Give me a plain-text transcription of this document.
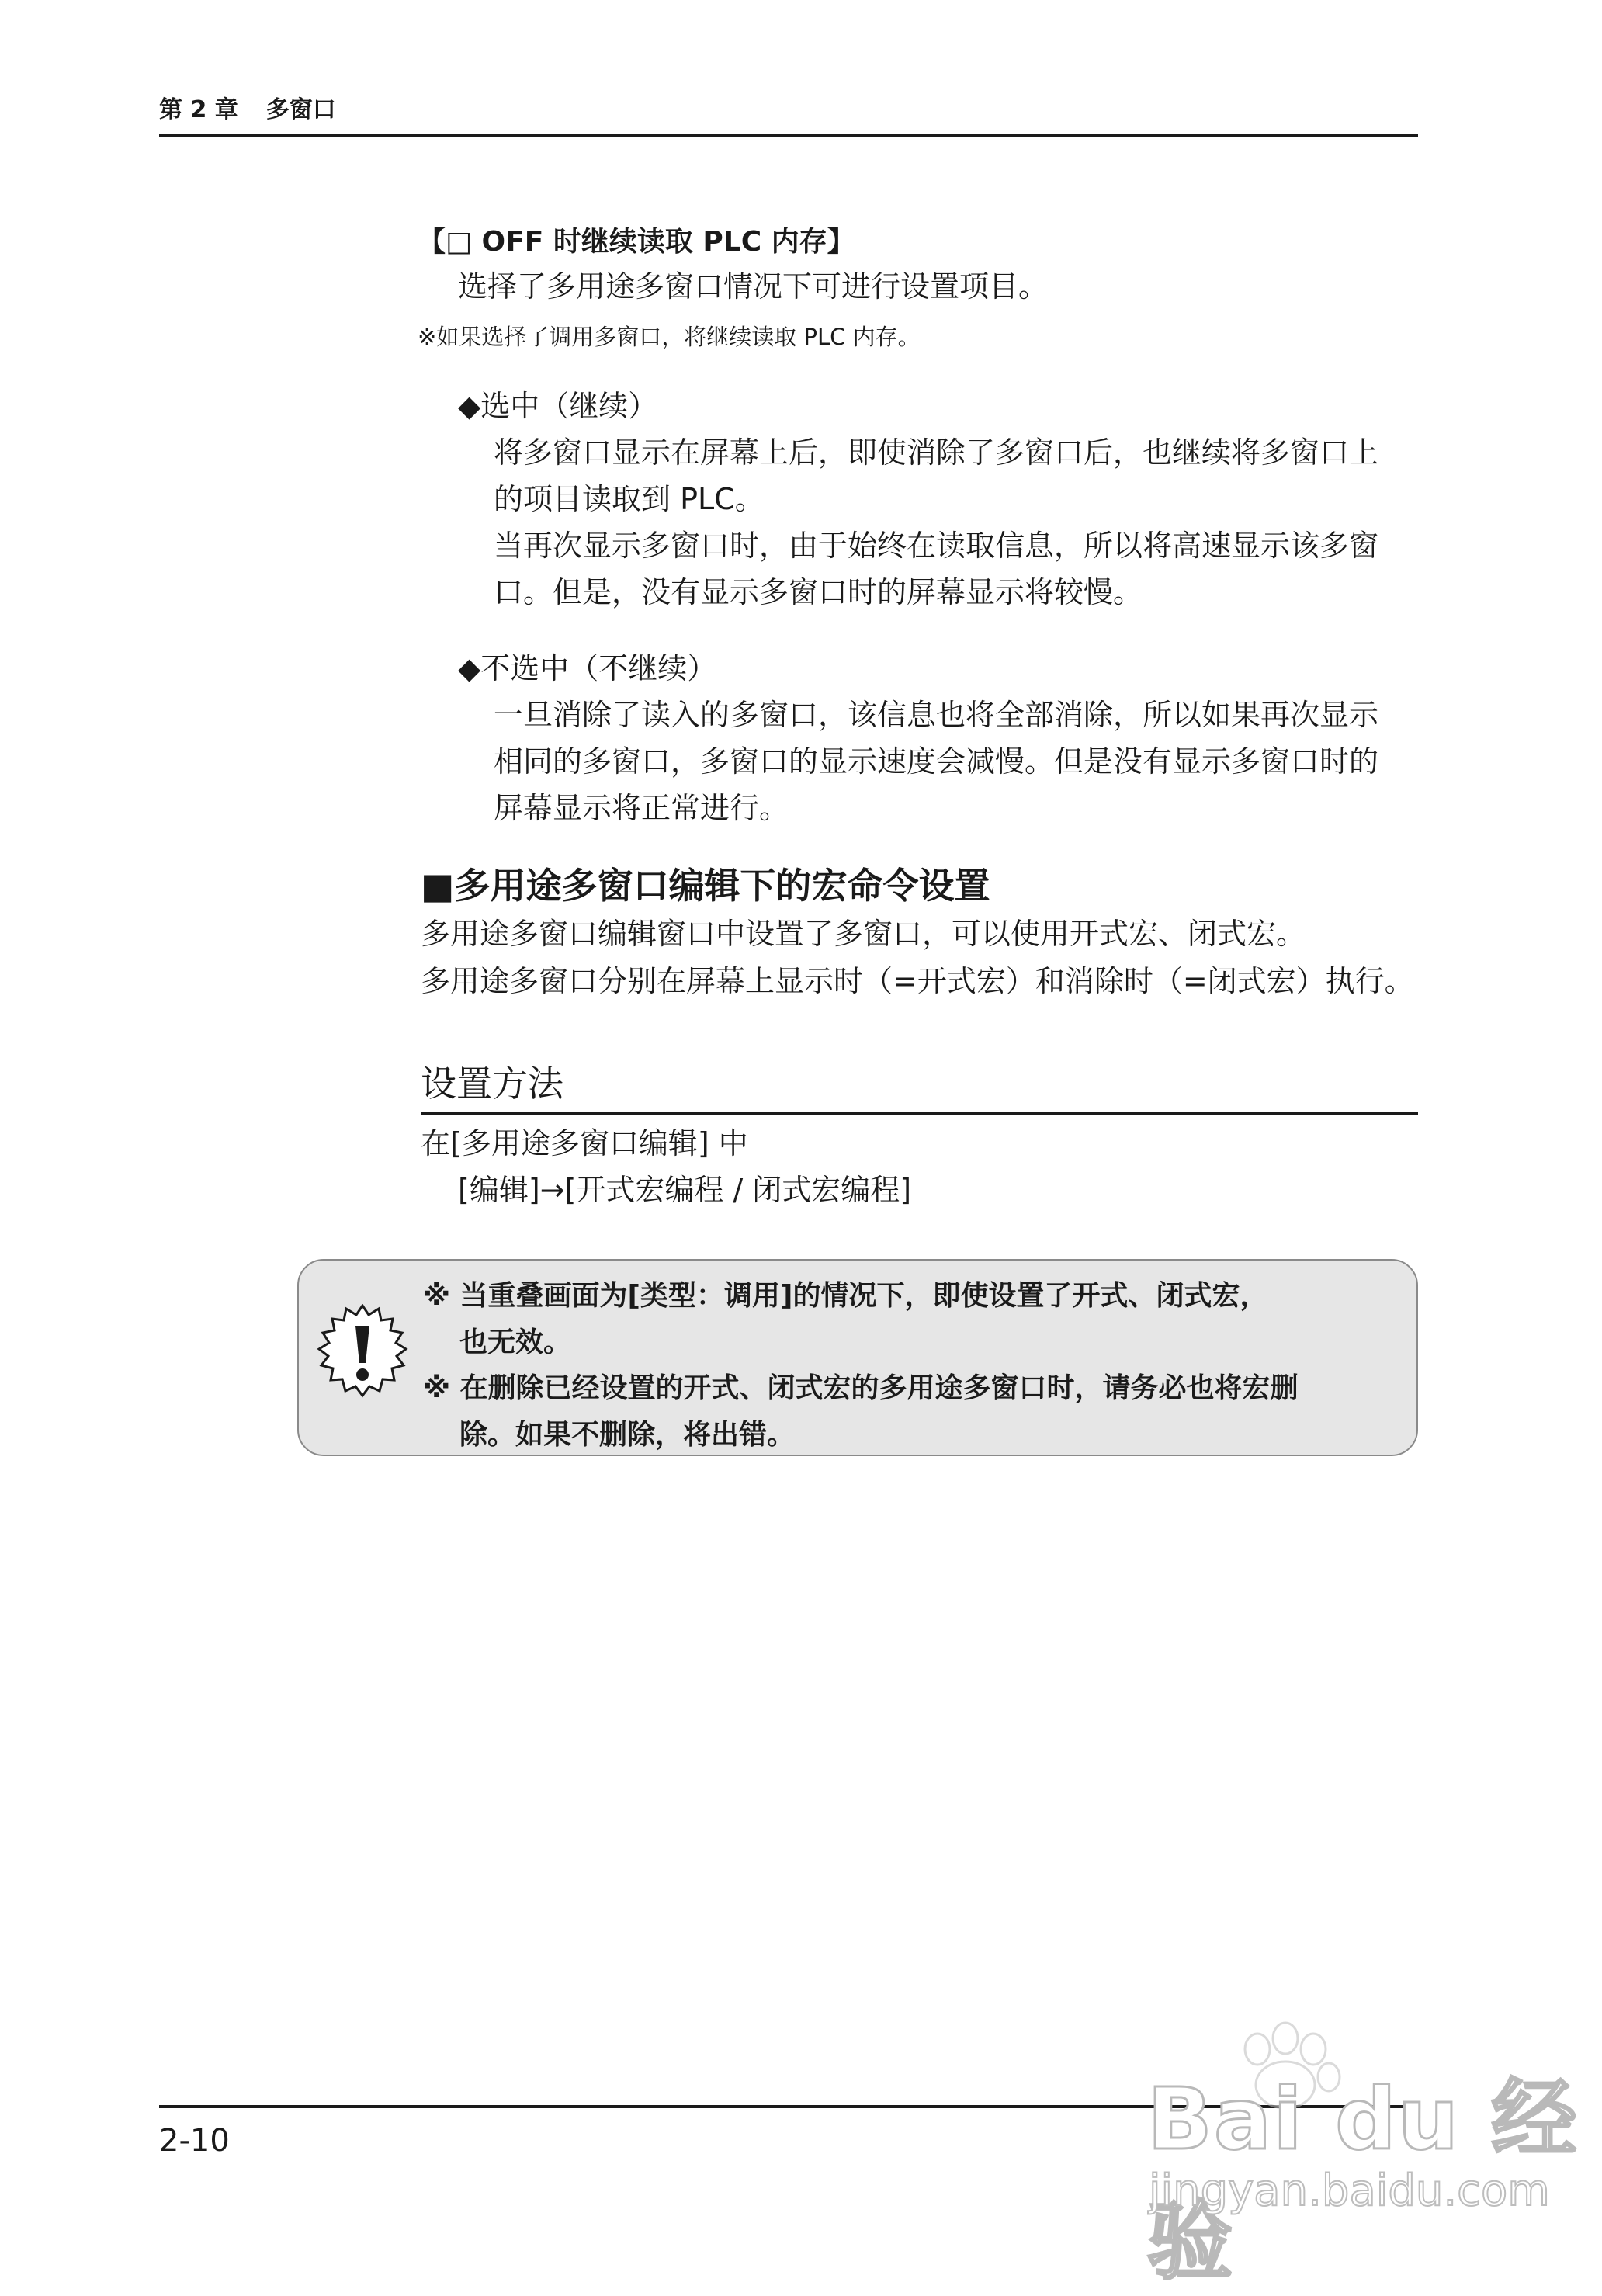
第 2 章 多窗口
【□ OFF 时继续读取 PLC 内存】
选择了多用途多窗口情况下可进行设置项目。
※如果选择了调用多窗口，将继续读取 PLC 内存。
◆选中（继续）
将多窗口显示在屏幕上后，即使消除了多窗口后，也继续将多窗口上
的项目读取到 PLC。
当再次显示多窗口时，由于始终在读取信息，所以将高速显示该多窗
口。但是，没有显示多窗口时的屏幕显示将较慢。
◆不选中（不继续）
一旦消除了读入的多窗口，该信息也将全部消除，所以如果再次显示
相同的多窗口，多窗口的显示速度会减慢。但是没有显示多窗口时的
屏幕显示将正常进行。
■多用途多窗口编辑下的宏命令设置
多用途多窗口编辑窗口中设置了多窗口，可以使用开式宏、闭式宏。
多用途多窗口分别在屏幕上显示时（=开式宏）和消除时（=闭式宏）执行。
设置方法
在[多用途多窗口编辑] 中
[编辑]→[开式宏编程 / 闭式宏编程]
※ 当重叠画面为[类型：调用]的情况下，即使设置了开式、闭式宏，
也无效。
※ 在删除已经设置的开式、闭式宏的多用途多窗口时，请务必也将宏删
除。如果不删除，将出错。
2-10	Bai du 经验
jingyan.baidu.com
